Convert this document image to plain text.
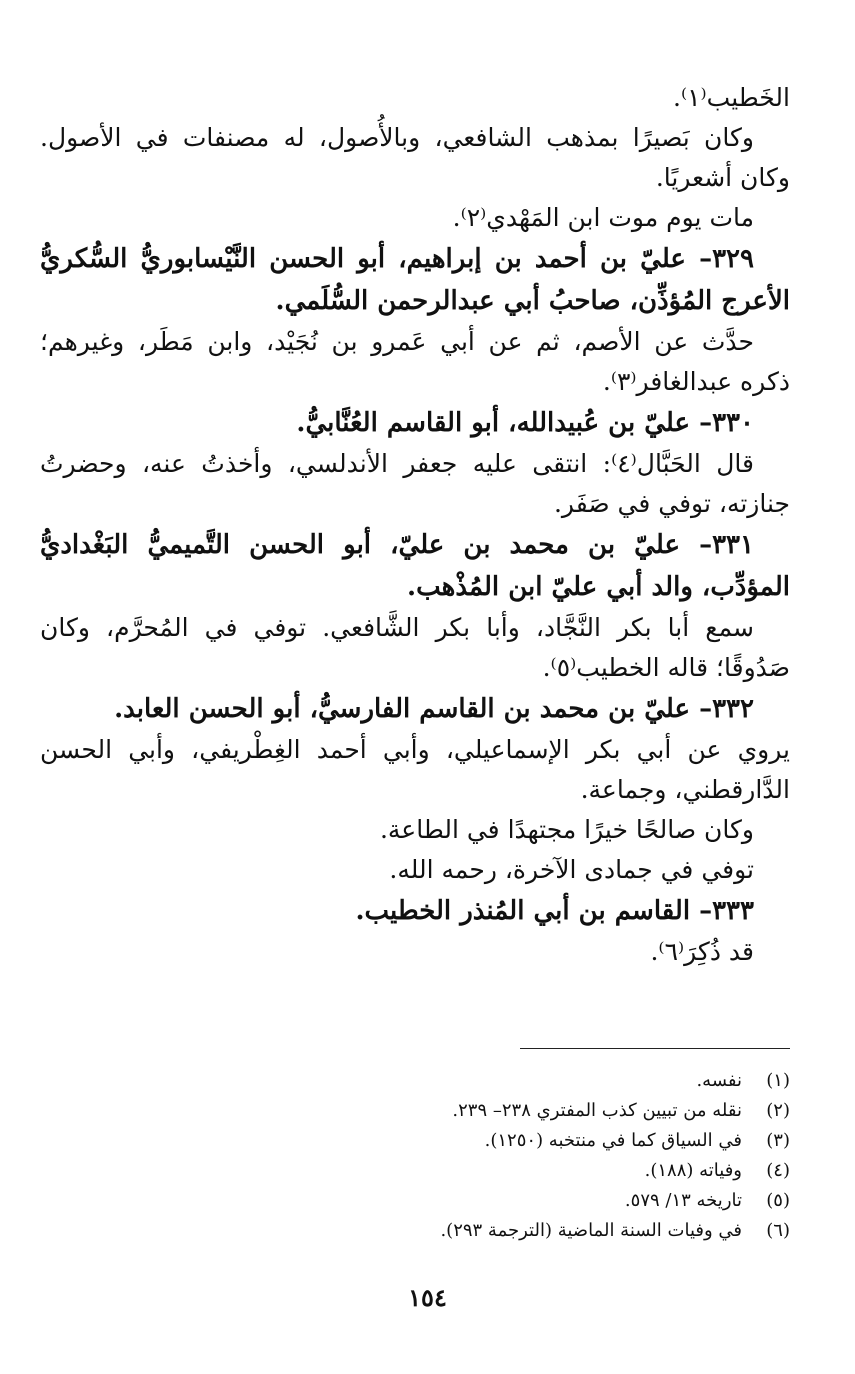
الخَطيب⁽١⁾.
وكان بَصيرًا بمذهب الشافعي، وبالأُصول، له مصنفات في الأصول.
وكان أشعريًا.
مات يوم موت ابن المَهْدي⁽٢⁾.
٣٢٩– عليّ بن أحمد بن إبراهيم، أبو الحسن النَّيْسابوريُّ السُّكريُّ
الأعرج المُؤذِّن، صاحبُ أبي عبدالرحمن السُّلَمي.
حدَّث عن الأصم، ثم عن أبي عَمرو بن نُجَيْد، وابن مَطَر، وغيرهم؛
ذكره عبدالغافر⁽٣⁾.
٣٣٠– عليّ بن عُبيدالله، أبو القاسم العُنَّابيُّ.
قال الحَبَّال⁽٤⁾: انتقى عليه جعفر الأندلسي، وأخذتُ عنه، وحضرتُ
جنازته، توفي في صَفَر.
٣٣١– عليّ بن محمد بن عليّ، أبو الحسن التَّميميُّ البَغْداديُّ
المؤدِّب، والد أبي عليّ ابن المُذْهب.
سمع أبا بكر النَّجَّاد، وأبا بكر الشَّافعي. توفي في المُحرَّم، وكان
صَدُوقًا؛ قاله الخطيب⁽٥⁾.
٣٣٢– عليّ بن محمد بن القاسم الفارسيُّ، أبو الحسن العابد.
يروي عن أبي بكر الإسماعيلي، وأبي أحمد الغِطْريفي، وأبي الحسن
الدَّارقطني، وجماعة.
وكان صالحًا خيرًا مجتهدًا في الطاعة.
توفي في جمادى الآخرة، رحمه الله.
٣٣٣– القاسم بن أبي المُنذر الخطيب.
قد ذُكِرَ⁽٦⁾.
(١)
نفسه.
(٢)
نقله من تبيين كذب المفتري ٢٣٨– ٢٣٩.
(٣)
في السياق كما في منتخبه (١٢٥٠).
(٤)
وفياته (١٨٨).
(٥)
تاريخه ١٣/ ٥٧٩.
(٦)
في وفيات السنة الماضية (الترجمة ٢٩٣).
١٥٤
